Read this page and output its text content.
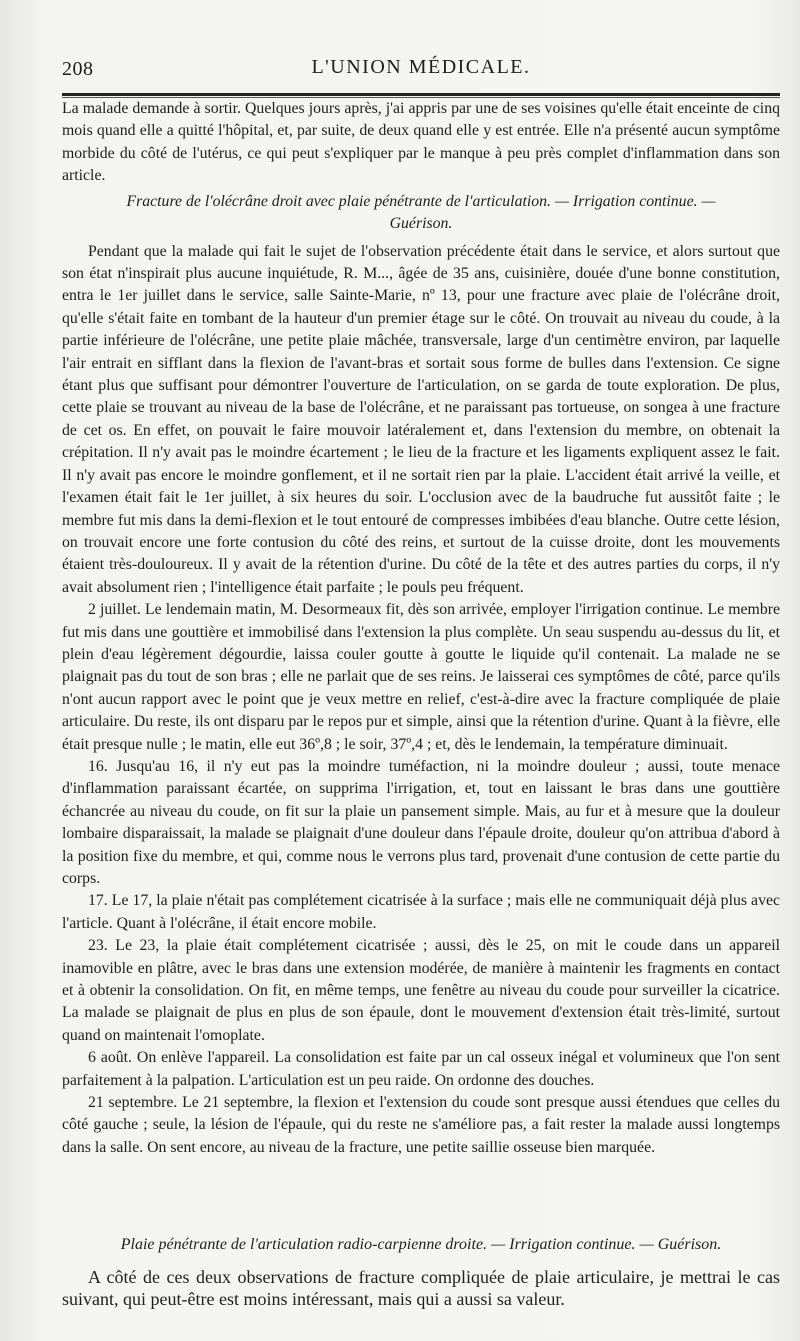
208	L'UNION MÉDICALE.

La malade demande à sortir. Quelques jours après, j'ai appris par une de ses voisines qu'elle était enceinte de cinq mois quand elle a quitté l'hôpital, et, par suite, de deux quand elle y est entrée. Elle n'a présenté aucun symptôme morbide du côté de l'utérus, ce qui peut s'expliquer par le manque à peu près complet d'inflammation dans son article.

Fracture de l'olécrâne droit avec plaie pénétrante de l'articulation. — Irrigation continue. —
Guérison.

Pendant que la malade qui fait le sujet de l'observation précédente était dans le service, et alors surtout que son état n'inspirait plus aucune inquiétude, R. M..., âgée de 35 ans, cuisinière, douée d'une bonne constitution, entra le 1er juillet dans le service, salle Sainte-Marie, nº 13, pour une fracture avec plaie de l'olécrâne droit, qu'elle s'était faite en tombant de la hauteur d'un premier étage sur le côté. On trouvait au niveau du coude, à la partie inférieure de l'olécrâne, une petite plaie mâchée, transversale, large d'un centimètre environ, par laquelle l'air entrait en sifflant dans la flexion de l'avant-bras et sortait sous forme de bulles dans l'extension. Ce signe étant plus que suffisant pour démontrer l'ouverture de l'articulation, on se garda de toute exploration. De plus, cette plaie se trouvant au niveau de la base de l'olécrâne, et ne paraissant pas tortueuse, on songea à une fracture de cet os. En effet, on pouvait le faire mouvoir latéralement et, dans l'extension du membre, on obtenait la crépitation. Il n'y avait pas le moindre écartement ; le lieu de la fracture et les ligaments expliquent assez le fait. Il n'y avait pas encore le moindre gonflement, et il ne sortait rien par la plaie. L'accident était arrivé la veille, et l'examen était fait le 1er juillet, à six heures du soir. L'occlusion avec de la baudruche fut aussitôt faite ; le membre fut mis dans la demi-flexion et le tout entouré de compresses imbibées d'eau blanche. Outre cette lésion, on trouvait encore une forte contusion du côté des reins, et surtout de la cuisse droite, dont les mouvements étaient très-douloureux. Il y avait de la rétention d'urine. Du côté de la tête et des autres parties du corps, il n'y avait absolument rien ; l'intelligence était parfaite ; le pouls peu fréquent.

2 juillet. Le lendemain matin, M. Desormeaux fit, dès son arrivée, employer l'irrigation continue. Le membre fut mis dans une gouttière et immobilisé dans l'extension la plus complète. Un seau suspendu au-dessus du lit, et plein d'eau légèrement dégourdie, laissa couler goutte à goutte le liquide qu'il contenait. La malade ne se plaignait pas du tout de son bras ; elle ne parlait que de ses reins. Je laisserai ces symptômes de côté, parce qu'ils n'ont aucun rapport avec le point que je veux mettre en relief, c'est-à-dire avec la fracture compliquée de plaie articulaire. Du reste, ils ont disparu par le repos pur et simple, ainsi que la rétention d'urine. Quant à la fièvre, elle était presque nulle ; le matin, elle eut 36º,8 ; le soir, 37º,4 ; et, dès le lendemain, la température diminuait.

16. Jusqu'au 16, il n'y eut pas la moindre tuméfaction, ni la moindre douleur ; aussi, toute menace d'inflammation paraissant écartée, on supprima l'irrigation, et, tout en laissant le bras dans une gouttière échancrée au niveau du coude, on fit sur la plaie un pansement simple. Mais, au fur et à mesure que la douleur lombaire disparaissait, la malade se plaignait d'une douleur dans l'épaule droite, douleur qu'on attribua d'abord à la position fixe du membre, et qui, comme nous le verrons plus tard, provenait d'une contusion de cette partie du corps.

17. Le 17, la plaie n'était pas complétement cicatrisée à la surface ; mais elle ne communiquait déjà plus avec l'article. Quant à l'olécrâne, il était encore mobile.

23. Le 23, la plaie était complétement cicatrisée ; aussi, dès le 25, on mit le coude dans un appareil inamovible en plâtre, avec le bras dans une extension modérée, de manière à maintenir les fragments en contact et à obtenir la consolidation. On fit, en même temps, une fenêtre au niveau du coude pour surveiller la cicatrice. La malade se plaignait de plus en plus de son épaule, dont le mouvement d'extension était très-limité, surtout quand on maintenait l'omoplate.

6 août. On enlève l'appareil. La consolidation est faite par un cal osseux inégal et volumineux que l'on sent parfaitement à la palpation. L'articulation est un peu raide. On ordonne des douches.

21 septembre. Le 21 septembre, la flexion et l'extension du coude sont presque aussi étendues que celles du côté gauche ; seule, la lésion de l'épaule, qui du reste ne s'améliore pas, a fait rester la malade aussi longtemps dans la salle. On sent encore, au niveau de la fracture, une petite saillie osseuse bien marquée.

Plaie pénétrante de l'articulation radio-carpienne droite. — Irrigation continue. — Guérison.

A côté de ces deux observations de fracture compliquée de plaie articulaire, je mettrai le cas suivant, qui peut-être est moins intéressant, mais qui a aussi sa valeur.
